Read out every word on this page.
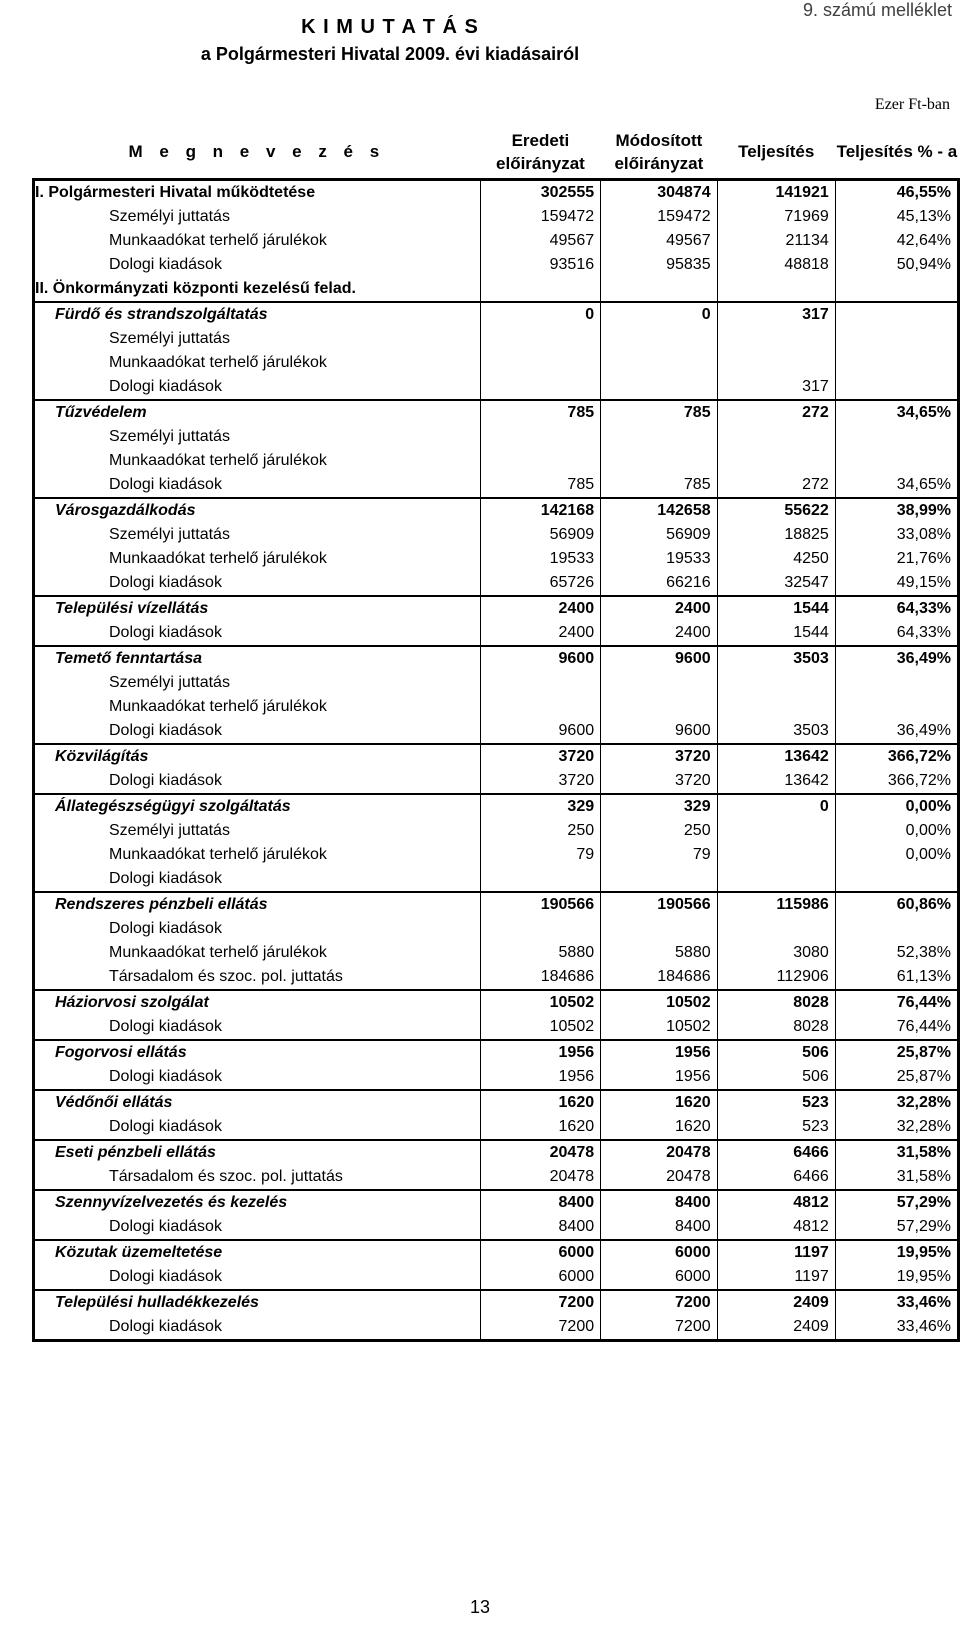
K I M U T A T Á S
a Polgármesteri Hivatal 2009. évi kiadásairól
9. számú melléklet
Ezer Ft-ban
M e g n e v e z é s	Eredeti előirányzat	Módosított előirányzat	Teljesítés	Teljesítés % - a
I. Polgármesteri Hivatal működtetése	302555	304874	141921	46,55%
Személyi juttatás	159472	159472	71969	45,13%
Munkaadókat terhelő járulékok	49567	49567	21134	42,64%
Dologi kiadások	93516	95835	48818	50,94%
II. Önkormányzati központi kezelésű felad.				
Fürdő és strandszolgáltatás	0	0	317	
Személyi juttatás				
Munkaadókat terhelő járulékok				
Dologi kiadások			317	
Tűzvédelem	785	785	272	34,65%
Személyi juttatás				
Munkaadókat terhelő járulékok				
Dologi kiadások	785	785	272	34,65%
Városgazdálkodás	142168	142658	55622	38,99%
Személyi juttatás	56909	56909	18825	33,08%
Munkaadókat terhelő járulékok	19533	19533	4250	21,76%
Dologi kiadások	65726	66216	32547	49,15%
Települési vízellátás	2400	2400	1544	64,33%
Dologi kiadások	2400	2400	1544	64,33%
Temető fenntartása	9600	9600	3503	36,49%
Személyi juttatás				
Munkaadókat terhelő járulékok				
Dologi kiadások	9600	9600	3503	36,49%
Közvilágítás	3720	3720	13642	366,72%
Dologi kiadások	3720	3720	13642	366,72%
Állategészségügyi szolgáltatás	329	329	0	0,00%
Személyi juttatás	250	250		0,00%
Munkaadókat terhelő járulékok	79	79		0,00%
Dologi kiadások				
Rendszeres pénzbeli ellátás	190566	190566	115986	60,86%
Dologi kiadások				
Munkaadókat terhelő járulékok	5880	5880	3080	52,38%
Társadalom és szoc. pol. juttatás	184686	184686	112906	61,13%
Háziorvosi szolgálat	10502	10502	8028	76,44%
Dologi kiadások	10502	10502	8028	76,44%
Fogorvosi ellátás	1956	1956	506	25,87%
Dologi kiadások	1956	1956	506	25,87%
Védőnői ellátás	1620	1620	523	32,28%
Dologi kiadások	1620	1620	523	32,28%
Eseti pénzbeli ellátás	20478	20478	6466	31,58%
Társadalom és szoc. pol. juttatás	20478	20478	6466	31,58%
Szennyvízelvezetés és kezelés	8400	8400	4812	57,29%
Dologi kiadások	8400	8400	4812	57,29%
Közutak üzemeltetése	6000	6000	1197	19,95%
Dologi kiadások	6000	6000	1197	19,95%
Települési hulladékkezelés	7200	7200	2409	33,46%
Dologi kiadások	7200	7200	2409	33,46%
13
